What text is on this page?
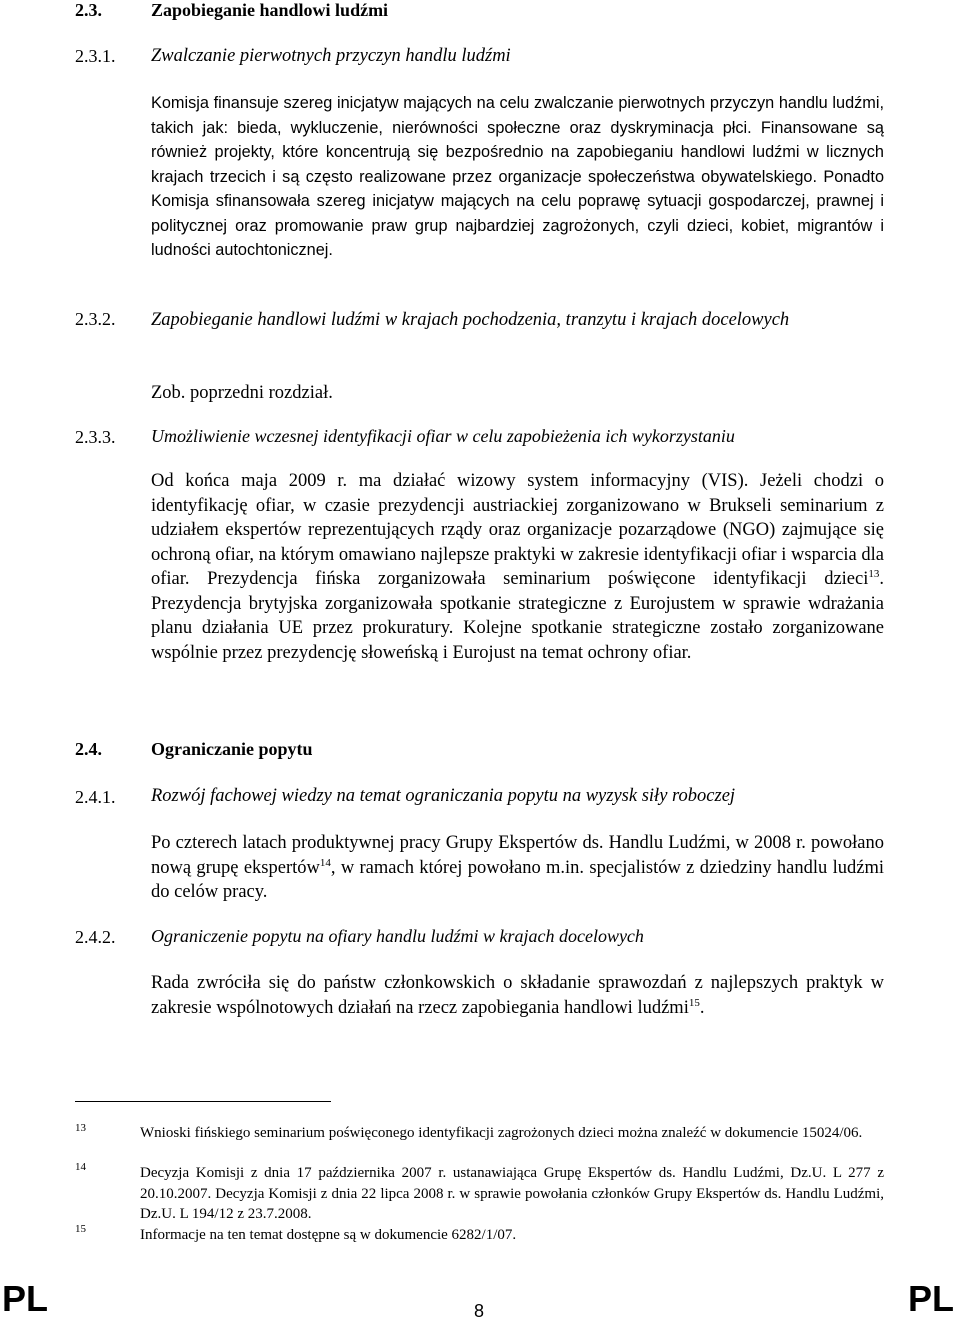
2.3.	Zapobieganie handlowi ludźmi
2.3.1. Zwalczanie pierwotnych przyczyn handlu ludźmi
Komisja finansuje szereg inicjatyw mających na celu zwalczanie pierwotnych przyczyn handlu ludźmi, takich jak: bieda, wykluczenie, nierówności społeczne oraz dyskryminacja płci. Finansowane są również projekty, które koncentrują się bezpośrednio na zapobieganiu handlowi ludźmi w licznych krajach trzecich i są często realizowane przez organizacje społeczeństwa obywatelskiego. Ponadto Komisja sfinansowała szereg inicjatyw mających na celu poprawę sytuacji gospodarczej, prawnej i politycznej oraz promowanie praw grup najbardziej zagrożonych, czyli dzieci, kobiet, migrantów i ludności autochtonicznej.
2.3.2. Zapobieganie handlowi ludźmi w krajach pochodzenia, tranzytu i krajach docelowych
Zob. poprzedni rozdział.
2.3.3. Umożliwienie wczesnej identyfikacji ofiar w celu zapobieżenia ich wykorzystaniu
Od końca maja 2009 r. ma działać wizowy system informacyjny (VIS). Jeżeli chodzi o identyfikację ofiar, w czasie prezydencji austriackiej zorganizowano w Brukseli seminarium z udziałem ekspertów reprezentujących rządy oraz organizacje pozarządowe (NGO) zajmujące się ochroną ofiar, na którym omawiano najlepsze praktyki w zakresie identyfikacji ofiar i wsparcia dla ofiar. Prezydencja fińska zorganizowała seminarium poświęcone identyfikacji dzieci$^{13}$. Prezydencja brytyjska zorganizowała spotkanie strategiczne z Eurojustem w sprawie wdrażania planu działania UE przez prokuratury. Kolejne spotkanie strategiczne zostało zorganizowane wspólnie przez prezydencję słoweńską i Eurojust na temat ochrony ofiar.
2.4.	Ograniczanie popytu
2.4.1. Rozwój fachowej wiedzy na temat ograniczania popytu na wyzysk siły roboczej
Po czterech latach produktywnej pracy Grupy Ekspertów ds. Handlu Ludźmi, w 2008 r. powołano nową grupę ekspertów$^{14}$, w ramach której powołano m.in. specjalistów z dziedziny handlu ludźmi do celów pracy.
2.4.2. Ograniczenie popytu na ofiary handlu ludźmi w krajach docelowych
Rada zwróciła się do państw członkowskich o składanie sprawozdań z najlepszych praktyk w zakresie wspólnotowych działań na rzecz zapobiegania handlowi ludźmi$^{15}$.
13	Wnioski fińskiego seminarium poświęconego identyfikacji zagrożonych dzieci można znaleźć w dokumencie 15024/06.
14	Decyzja Komisji z dnia 17 października 2007 r. ustanawiająca Grupę Ekspertów ds. Handlu Ludźmi, Dz.U. L 277 z 20.10.2007. Decyzja Komisji z dnia 22 lipca 2008 r. w sprawie powołania członków Grupy Ekspertów ds. Handlu Ludźmi, Dz.U. L 194/12 z 23.7.2008.
15	Informacje na ten temat dostępne są w dokumencie 6282/1/07.
PL	8	PL
